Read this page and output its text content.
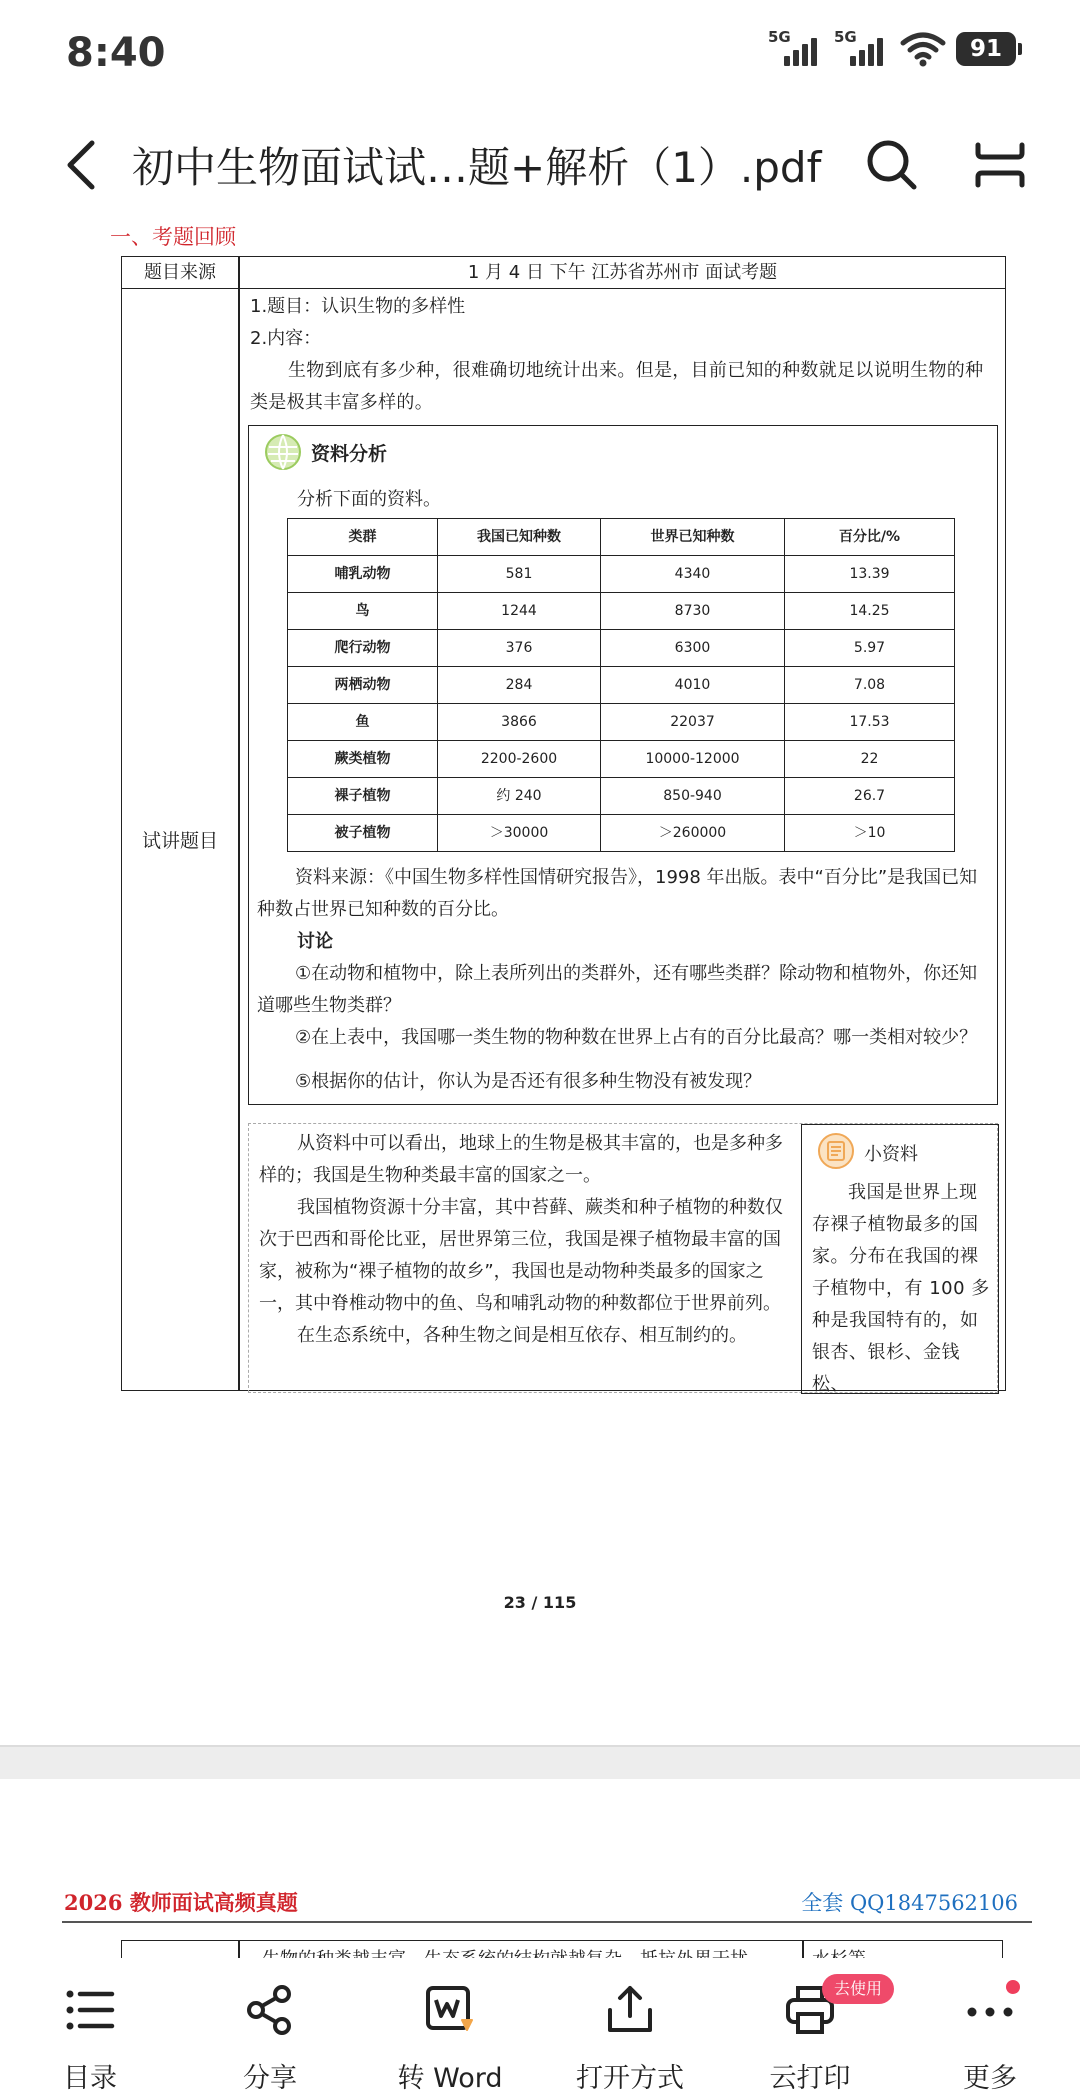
8:40	5G	5G	91
初中生物面试试…题+解析（1）.pdf
一、考题回顾
题目来源	1 月 4 日 下午 江苏省苏州市 面试考题
试讲题目
1.题目：认识生物的多样性
2.内容：
生物到底有多少种，很难确切地统计出来。但是，目前已知的种数就足以说明生物的种类是极其丰富多样的。
资料分析
分析下面的资料。
类群	我国已知种数	世界已知种数	百分比/%
哺乳动物	581	4340	13.39
鸟	1244	8730	14.25
爬行动物	376	6300	5.97
两栖动物	284	4010	7.08
鱼	3866	22037	17.53
蕨类植物	2200-2600	10000-12000	22
裸子植物	约 240	850-940	26.7
被子植物	＞30000	＞260000	＞10
资料来源：《中国生物多样性国情研究报告》，1998 年出版。表中“百分比”是我国已知种数占世界已知种数的百分比。
讨论
①在动物和植物中，除上表所列出的类群外，还有哪些类群？除动物和植物外，你还知道哪些生物类群？
②在上表中，我国哪一类生物的物种数在世界上占有的百分比最高？哪一类相对较少？
⑤根据你的估计，你认为是否还有很多种生物没有被发现？

从资料中可以看出，地球上的生物是极其丰富的，也是多种多样的；我国是生物种类最丰富的国家之一。

我国植物资源十分丰富，其中苔藓、蕨类和种子植物的种数仅次于巴西和哥伦比亚，居世界第三位，我国是裸子植物最丰富的国家，被称为“裸子植物的故乡”，我国也是动物种类最多的国家之一，其中脊椎动物中的鱼、鸟和哺乳动物的种数都位于世界前列。

在生态系统中，各种生物之间是相互依存、相互制约的。

小资料
我国是世界上现存裸子植物最多的国家。分布在我国的裸子植物中，有 100 多种是我国特有的，如银杏、银杉、金钱松、
23 / 115
2026 教师面试高频真题	全套 QQ1847562106
目录	分享	转 Word	打开方式	云打印	更多
去使用
